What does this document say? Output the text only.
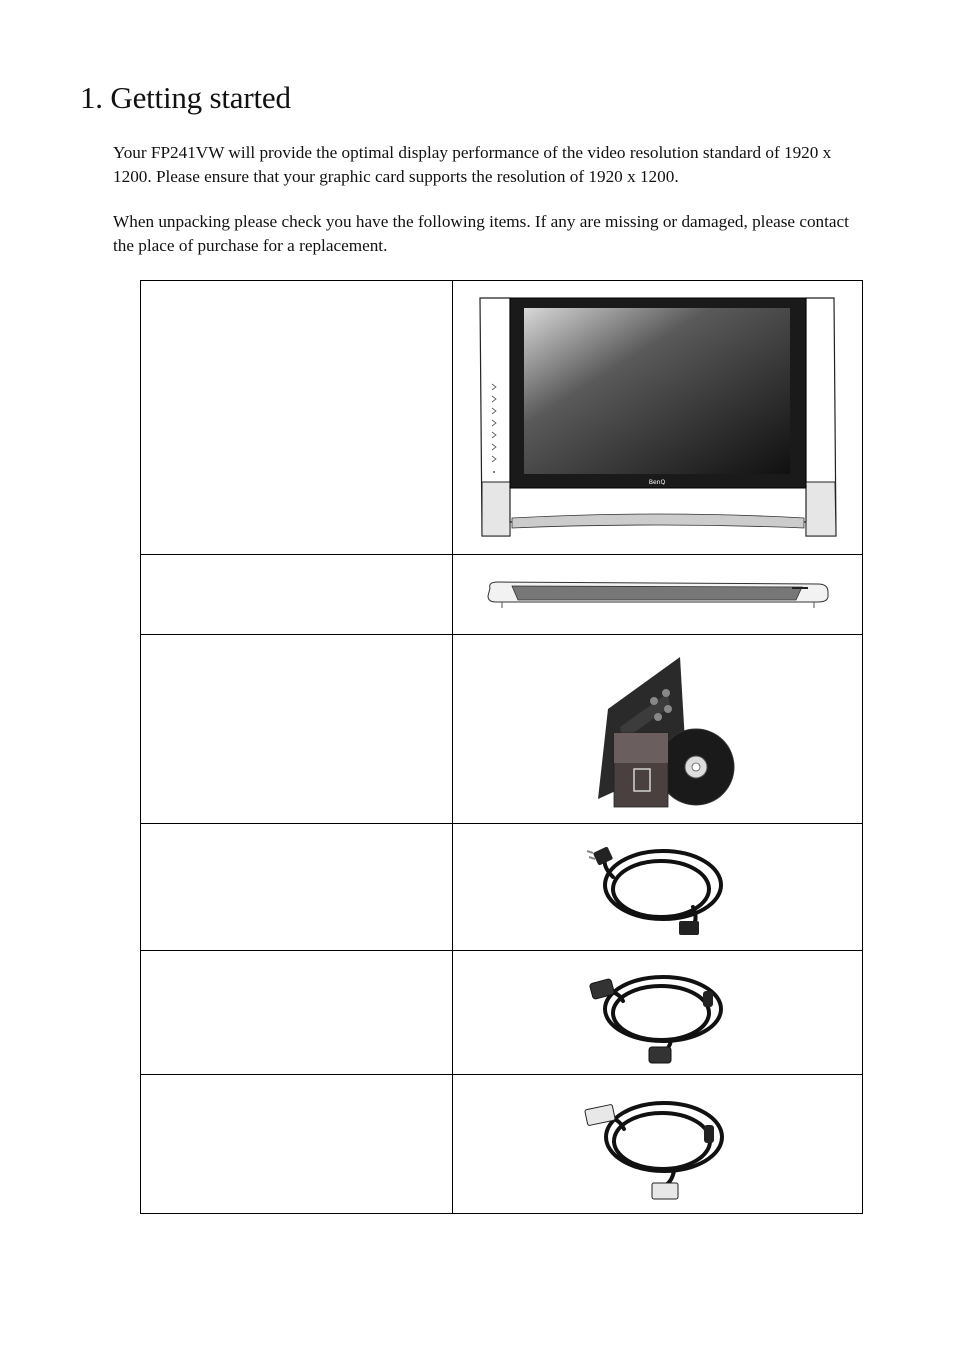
1. Getting started

Your FP241VW will provide the optimal display performance of the video resolution standard of 1920 x 1200. Please ensure that your graphic card supports the resolution of 1920 x 1200.

When unpacking please check you have the following items. If any are missing or damaged, please contact the place of purchase for a replacement.

BenQ
